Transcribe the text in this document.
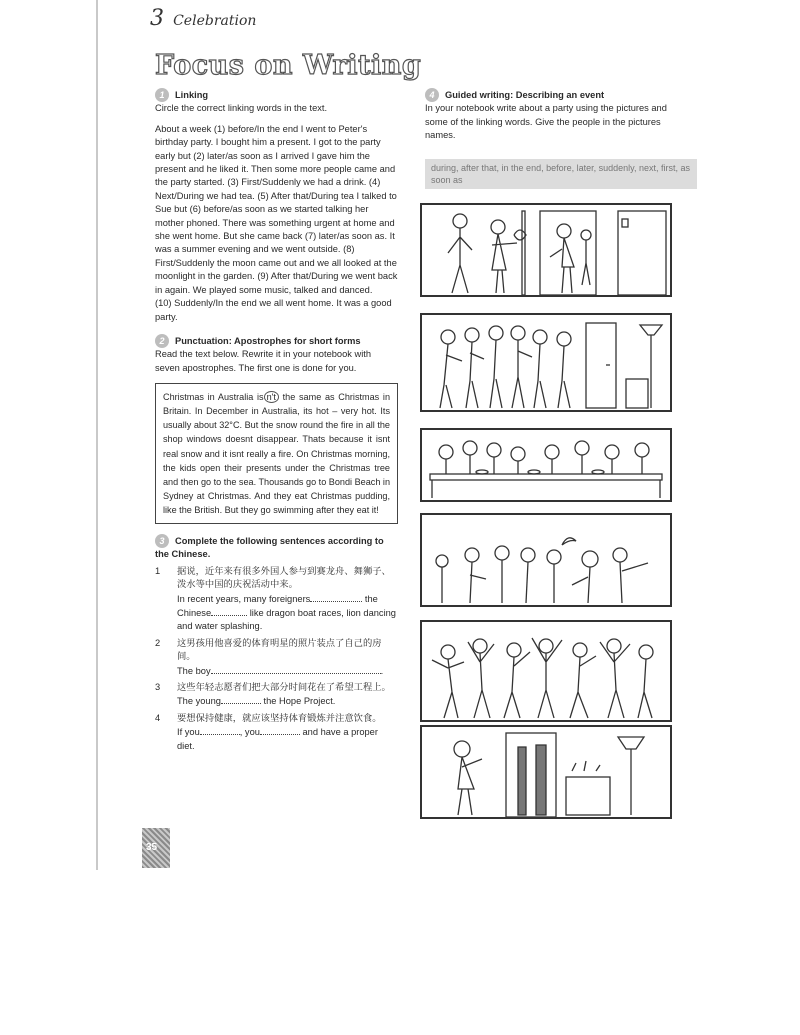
3 Celebration
Focus on Writing

1 Linking

Circle the correct linking words in the text.

About a week (1) before/In the end I went to Peter's birthday party. I bought him a present. I got to the party early but (2) later/as soon as I arrived I gave him the present and he liked it. Then some more people came and the party started. (3) First/Suddenly we had a drink. (4) Next/During we had tea. (5) After that/During tea I talked to Sue but (6) before/as soon as we started talking her mother phoned. There was something urgent at home and she went home. But she came back (7) later/as soon as. It was a summer evening and we went outside. (8) First/Suddenly the moon came out and we all looked at the moonlight in the garden. (9) After that/During we went back in again. We played some music, talked and danced.

(10) Suddenly/In the end we all went home. It was a good party.

2 Punctuation: Apostrophes for short forms

Read the text below. Rewrite it in your notebook with seven apostrophes. The first one is done for you.

Christmas in Australia is n't the same as Christmas in Britain. In December in Australia, its hot – very hot. Its usually about 32°C. But the snow round the fire in all the shop windows doesnt disappear. Thats because it isnt real snow and it isnt really a fire. On Christmas morning, the kids open their presents under the Christmas tree and then go to the sea. Thousands go to Bondi Beach in Sydney at Christmas. And they eat Christmas pudding, like the British. But they go swimming after they eat it!

3 Complete the following sentences according to the Chinese.

1	据说，近年来有很多外国人参与到赛龙舟、舞狮子、泼水等中国的庆祝活动中来。
In recent years, many foreigners	the Chinese	like dragon boat races, lion dancing and water splashing.
2	这男孩用他喜爱的体育明星的照片装点了自己的房间。
The boy	.
3	这些年轻志愿者们把大部分时间花在了希望工程上。
The young	the Hope Project.
4	要想保持健康，就应该坚持体育锻炼并注意饮食。
If you	, you	and have a proper diet.

4 Guided writing: Describing an event

In your notebook write about a party using the pictures and some of the linking words. Give the people in the pictures names.

during, after that, in the end, before, later, suddenly, next, first, as soon as
35
